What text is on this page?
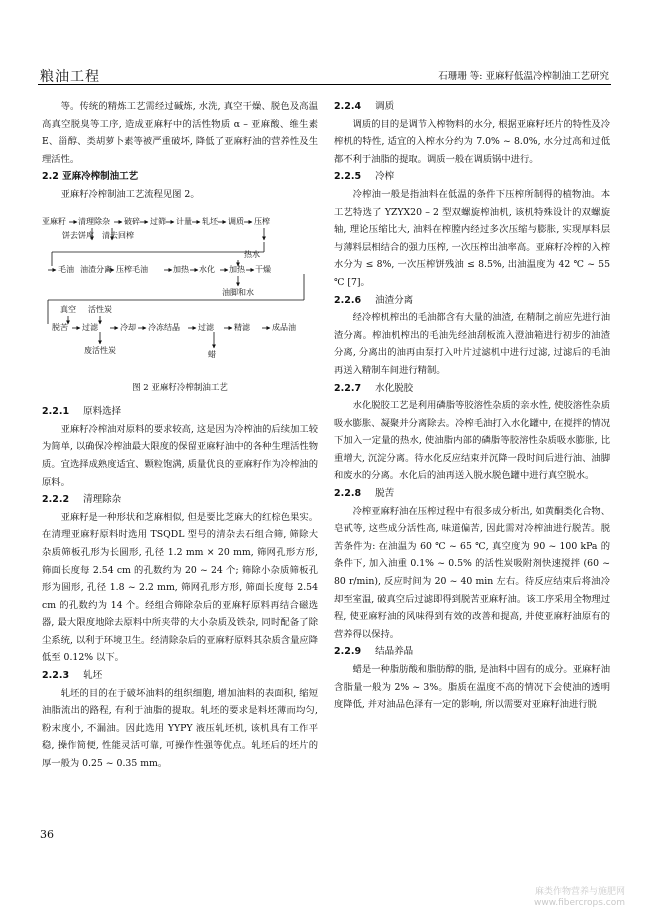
粮油工程	石珊珊 等: 亚麻籽低温冷榨制油工艺研究

等。传统的精炼工艺需经过碱炼, 水洗, 真空干燥、脱色及高温高真空脱臭等工序, 造成亚麻籽中的活性物质 α – 亚麻酸、维生素 E、甾醇、类胡萝卜素等被严重破坏, 降低了亚麻籽油的营养性及生理活性。

2.2 亚麻冷榨制油工艺

亚麻籽冷榨制油工艺流程见图 2。

亚麻籽 清理除杂 破碎 过筛 计量 轧坯 调质 压榨
饼去饼库 清去回榨
热水
毛油 油渣分离 压榨毛油	加热 水化 加热 干燥
油脚和水
真空 活性炭
脱苦 过滤	冷却 冷冻结晶 过滤	精滤	成品油
废活性炭	蜡
图 2 亚麻籽冷榨制油工艺

2.2.1 原料选择

亚麻籽冷榨油对原料的要求较高, 这是因为冷榨油的后续加工较为简单, 以确保冷榨油最大限度的保留亚麻籽油中的各种生理活性物质。宜选择成熟度适宜、颗粒饱满, 质量优良的亚麻籽作为冷榨油的原料。

2.2.2 清理除杂

亚麻籽是一种形状和芝麻相似, 但是要比芝麻大的红棕色果实。在清理亚麻籽原料时选用 TSQDL 型号的清杂去石组合筛, 筛除大杂质筛板孔形为长圆形, 孔径 1.2 mm × 20 mm, 筛网孔形方形, 筛面长度每 2.54 cm 的孔数约为 20 ~ 24 个; 筛除小杂质筛板孔形为圆形, 孔径 1.8 ~ 2.2 mm, 筛网孔形方形, 筛面长度每 2.54 cm 的孔数约为 14 个。经组合筛除杂后的亚麻籽原料再结合磁选器, 最大限度地除去原料中所夹带的大小杂质及铁杂, 同时配备了除尘系统, 以利于环境卫生。经清除杂后的亚麻籽原料其杂质含量应降低至 0.12% 以下。

2.2.3 轧坯

轧坯的目的在于破坏油料的组织细胞, 增加油料的表面积, 缩短油脂流出的路程, 有利于油脂的提取。轧坯的要求是料坯薄而均匀, 粉末度小, 不漏油。因此选用 YYPY 液压轧坯机, 该机具有工作平稳, 操作简便, 性能灵活可靠, 可操作性强等优点。轧坯后的坯片的厚一般为 0.25 ~ 0.35 mm。

2.2.4 调质

调质的目的是调节入榨物料的水分, 根据亚麻籽坯片的特性及冷榨机的特性, 适宜的入榨水分约为 7.0% ~ 8.0%, 水分过高和过低都不利于油脂的提取。调质一般在调质锅中进行。

2.2.5 冷榨

冷榨油一般是指油料在低温的条件下压榨所制得的植物油。本工艺特选了 YZYX20 – 2 型双螺旋榨油机, 该机特殊设计的双螺旋轴, 理论压缩比大, 油料在榨膛内经过多次压缩与膨胀, 实现厚料层与薄料层相结合的强力压榨, 一次压榨出油率高。亚麻籽冷榨的入榨水分为 ≤ 8%, 一次压榨饼残油 ≤ 8.5%, 出油温度为 42 ℃ ~ 55 ℃ [7]。

2.2.6 油渣分离

经冷榨机榨出的毛油都含有大量的油渣, 在精制之前应先进行油渣分离。榨油机榨出的毛油先经油刮板流入澄油箱进行初步的油渣分离, 分离出的油再由泵打入叶片过滤机中进行过滤, 过滤后的毛油再送入精制车间进行精制。

2.2.7 水化脱胶

水化脱胶工艺是利用磷脂等胶溶性杂质的亲水性, 使胶溶性杂质吸水膨胀、凝聚并分离除去。冷榨毛油打入水化罐中, 在搅拌的情况下加入一定量的热水, 使油脂内部的磷脂等胶溶性杂质吸水膨胀, 比重增大, 沉淀分离。待水化反应结束并沉降一段时间后进行油、油脚和废水的分离。水化后的油再送入脱水脱色罐中进行真空脱水。

2.2.8 脱苦

冷榨亚麻籽油在压榨过程中有很多成分析出, 如黄酮类化合物、皂甙等, 这些成分活性高, 味道偏苦, 因此需对冷榨油进行脱苦。脱苦条件为: 在油温为 60 ℃ ~ 65 ℃, 真空度为 90 ~ 100 kPa 的条件下, 加入油重 0.1% ~ 0.5% 的活性炭吸附剂快速搅拌 (60 ~ 80 r/min), 反应时间为 20 ~ 40 min 左右。待反应结束后将油冷却至室温, 破真空后过滤即得到脱苦亚麻籽油。该工序采用全物理过程, 使亚麻籽油的风味得到有效的改善和提高, 并使亚麻籽油原有的营养得以保持。

2.2.9 结晶养晶

蜡是一种脂肪酸和脂肪醇的脂, 是油料中固有的成分。亚麻籽油含脂量一般为 2% ~ 3%。脂质在温度不高的情况下会使油的透明度降低, 并对油品色泽有一定的影响, 所以需要对亚麻籽油进行脱

36
麻类作物营养与施肥网
www.fibercrops.com
